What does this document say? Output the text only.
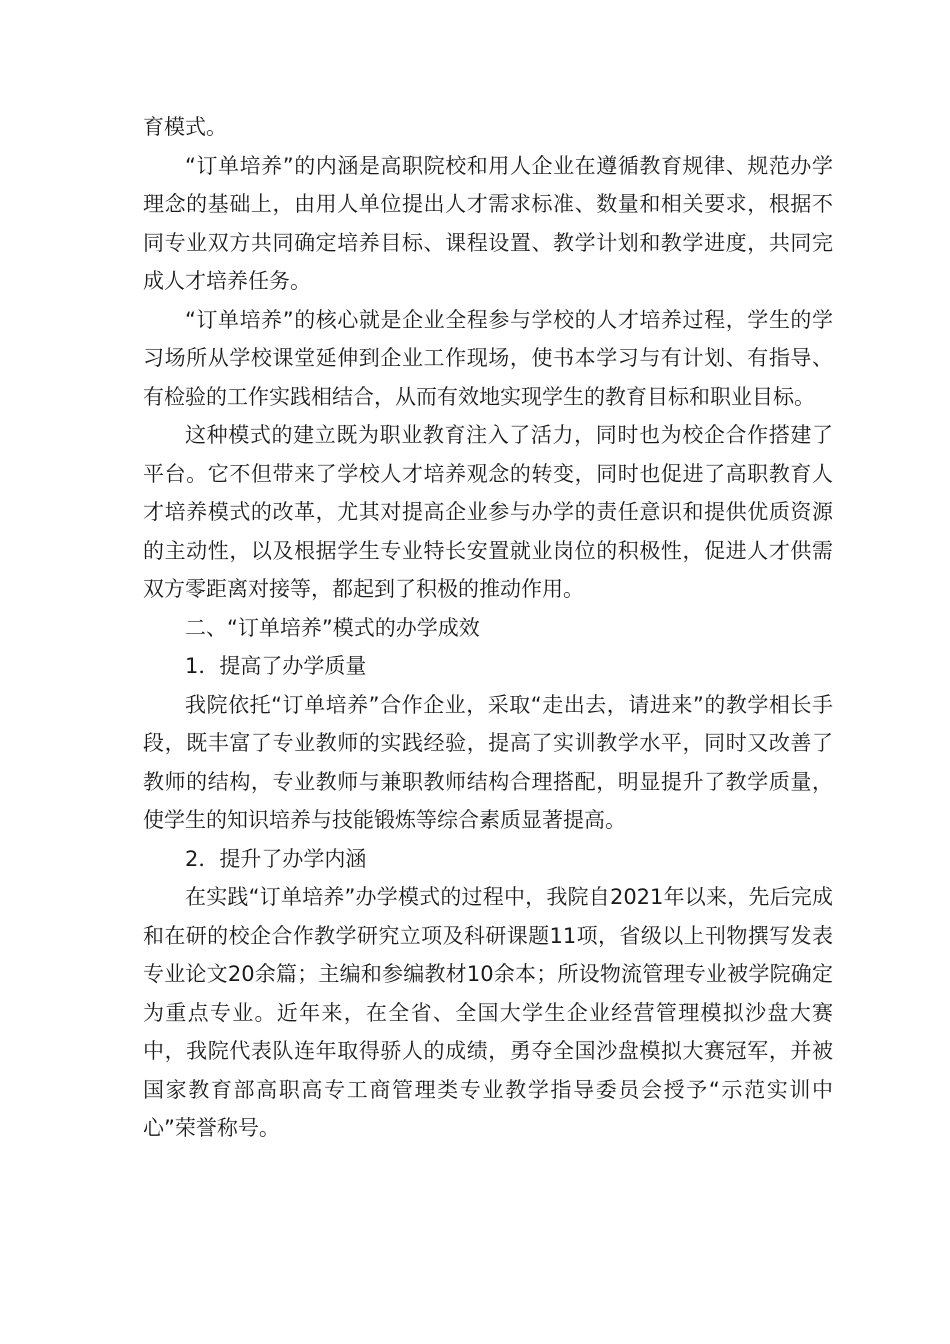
育模式。

“订单培养”的内涵是高职院校和用人企业在遵循教育规律、规范办学理念的基础上，由用人单位提出人才需求标准、数量和相关要求，根据不同专业双方共同确定培养目标、课程设置、教学计划和教学进度，共同完成人才培养任务。

“订单培养”的核心就是企业全程参与学校的人才培养过程，学生的学习场所从学校课堂延伸到企业工作现场，使书本学习与有计划、有指导、有检验的工作实践相结合，从而有效地实现学生的教育目标和职业目标。

这种模式的建立既为职业教育注入了活力，同时也为校企合作搭建了平台。它不但带来了学校人才培养观念的转变，同时也促进了高职教育人才培养模式的改革，尤其对提高企业参与办学的责任意识和提供优质资源的主动性，以及根据学生专业特长安置就业岗位的积极性，促进人才供需双方零距离对接等，都起到了积极的推动作用。

二、“订单培养”模式的办学成效

1．提高了办学质量

我院依托“订单培养”合作企业，采取“走出去，请进来”的教学相长手段，既丰富了专业教师的实践经验，提高了实训教学水平，同时又改善了教师的结构，专业教师与兼职教师结构合理搭配，明显提升了教学质量，使学生的知识培养与技能锻炼等综合素质显著提高。

2．提升了办学内涵

在实践“订单培养”办学模式的过程中，我院自2021年以来，先后完成和在研的校企合作教学研究立项及科研课题11项，省级以上刊物撰写发表专业论文20余篇；主编和参编教材10余本；所设物流管理专业被学院确定为重点专业。近年来，在全省、全国大学生企业经营管理模拟沙盘大赛中，我院代表队连年取得骄人的成绩，勇夺全国沙盘模拟大赛冠军，并被国家教育部高职高专工商管理类专业教学指导委员会授予“示范实训中心”荣誉称号。
